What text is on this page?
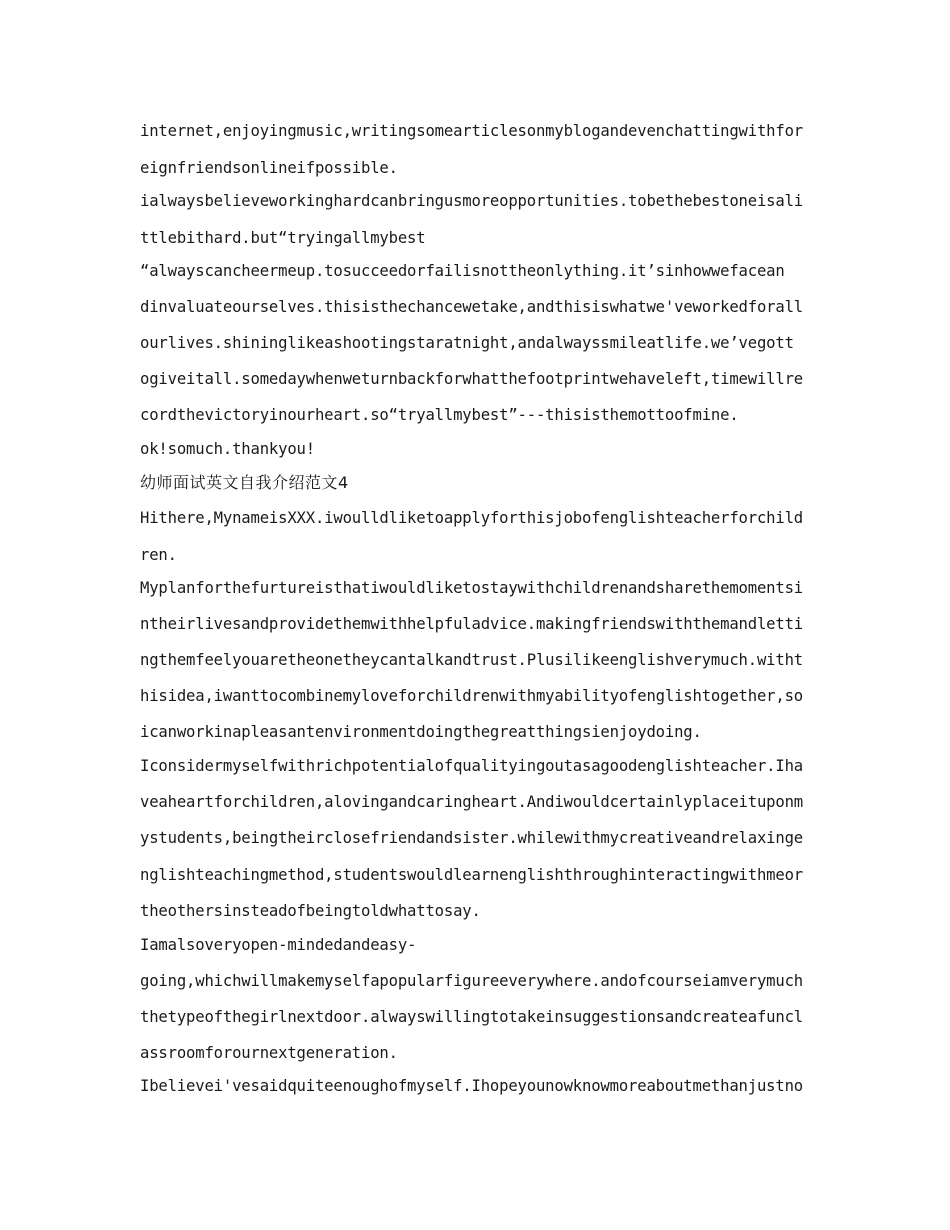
internet,enjoyingmusic,writingsomearticlesonmyblogandevenchattingwithfor
eignfriendsonlineifpossible.
ialwaysbelieveworkinghardcanbringusmoreopportunities.tobethebestoneisali
ttlebithard.but“tryingallmybest
“alwayscancheermeup.tosucceedorfailisnottheonlything.it’sinhowwefacean
dinvaluateourselves.thisisthechancewetake,andthisiswhatwe'veworkedforall
ourlives.shininglikeashootingstaratnight,andalwayssmileatlife.we’vegott
ogiveitall.somedaywhenweturnbackforwhatthefootprintwehaveleft,timewillre
cordthevictoryinourheart.so“tryallmybest”---thisisthemottoofmine.
ok!somuch.thankyou!
幼师面试英文自我介绍范文4
Hithere,MynameisXXX.iwoulldliketoapplyforthisjobofenglishteacherforchild
ren.
Myplanforthefurtureisthatiwouldliketostaywithchildrenandsharethemomentsi
ntheirlivesandprovidethemwithhelpfuladvice.makingfriendswiththemandletti
ngthemfeelyouaretheonetheycantalkandtrust.Plusilikeenglishverymuch.witht
hisidea,iwanttocombinemyloveforchildrenwithmyabilityofenglishtogether,so
icanworkinapleasantenvironmentdoingthegreatthingsienjoydoing.
Iconsidermyselfwithrichpotentialofqualityingoutasagoodenglishteacher.Iha
veaheartforchildren,alovingandcaringheart.Andiwouldcertainlyplaceituponm
ystudents,beingtheirclosefriendandsister.whilewithmycreativeandrelaxinge
nglishteachingmethod,studentswouldlearnenglishthroughinteractingwithmeor
theothersinsteadofbeingtoldwhattosay.
Iamalsoveryopen-mindedandeasy-
going,whichwillmakemyselfapopularfigureeverywhere.andofcourseiamverymuch
thetypeofthegirlnextdoor.alwayswillingtotakeinsuggestionsandcreateafuncl
assroomforournextgeneration.
Ibelievei'vesaidquiteenoughofmyself.Ihopeyounowknowmoreaboutmethanjustno
